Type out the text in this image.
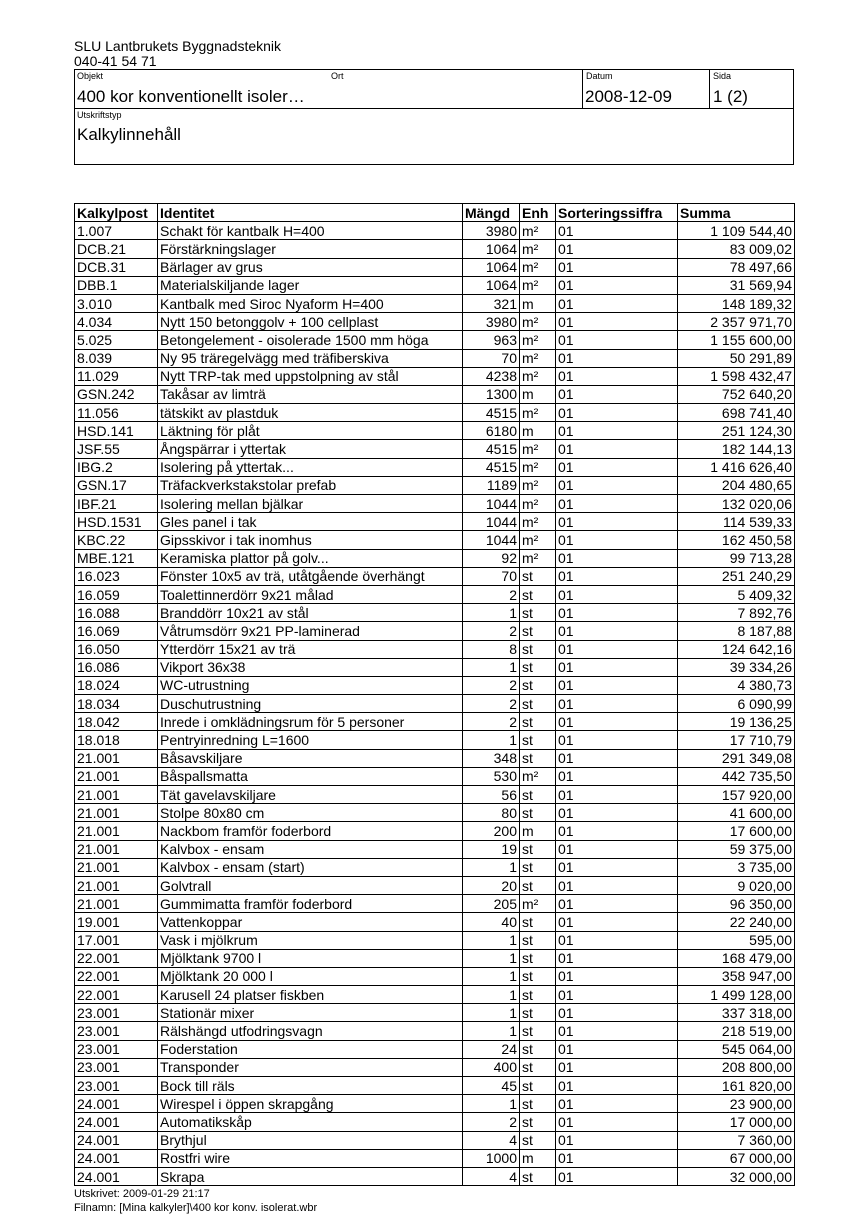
SLU Lantbrukets Byggnadsteknik
040-41 54 71
Objekt
400 kor konventionellt isoler…
Ort	Datum
2008-12-09
Sida
1 (2)
Utskriftstyp
Kalkylinnehåll
Kalkylpost	Identitet	Mängd	Enh	Sorteringssiffra	Summa
1.007	Schakt för kantbalk H=400	3980	m²	01	1 109 544,40
DCB.21	Förstärkningslager	1064	m²	01	83 009,02
DCB.31	Bärlager av grus	1064	m²	01	78 497,66
DBB.1	Materialskiljande lager	1064	m²	01	31 569,94
3.010	Kantbalk med Siroc Nyaform H=400	321	m	01	148 189,32
4.034	Nytt 150 betonggolv + 100 cellplast	3980	m²	01	2 357 971,70
5.025	Betongelement - oisolerade 1500 mm höga	963	m²	01	1 155 600,00
8.039	Ny 95 träregelvägg med träfiberskiva	70	m²	01	50 291,89
11.029	Nytt TRP-tak med uppstolpning av stål	4238	m²	01	1 598 432,47
GSN.242	Takåsar av limträ	1300	m	01	752 640,20
11.056	tätskikt av plastduk	4515	m²	01	698 741,40
HSD.141	Läktning för plåt	6180	m	01	251 124,30
JSF.55	Ångspärrar i yttertak	4515	m²	01	182 144,13
IBG.2	Isolering på yttertak...	4515	m²	01	1 416 626,40
GSN.17	Träfackverkstakstolar prefab	1189	m²	01	204 480,65
IBF.21	Isolering mellan bjälkar	1044	m²	01	132 020,06
HSD.1531	Gles panel i tak	1044	m²	01	114 539,33
KBC.22	Gipsskivor i tak inomhus	1044	m²	01	162 450,58
MBE.121	Keramiska plattor på golv...	92	m²	01	99 713,28
16.023	Fönster 10x5 av trä, utåtgående överhängt	70	st	01	251 240,29
16.059	Toalettinnerdörr 9x21 målad	2	st	01	5 409,32
16.088	Branddörr 10x21 av stål	1	st	01	7 892,76
16.069	Våtrumsdörr 9x21 PP-laminerad	2	st	01	8 187,88
16.050	Ytterdörr 15x21 av trä	8	st	01	124 642,16
16.086	Vikport 36x38	1	st	01	39 334,26
18.024	WC-utrustning	2	st	01	4 380,73
18.034	Duschutrustning	2	st	01	6 090,99
18.042	Inrede i omklädningsrum för 5 personer	2	st	01	19 136,25
18.018	Pentryinredning L=1600	1	st	01	17 710,79
21.001	Båsavskiljare	348	st	01	291 349,08
21.001	Båspallsmatta	530	m²	01	442 735,50
21.001	Tät gavelavskiljare	56	st	01	157 920,00
21.001	Stolpe 80x80 cm	80	st	01	41 600,00
21.001	Nackbom framför foderbord	200	m	01	17 600,00
21.001	Kalvbox - ensam	19	st	01	59 375,00
21.001	Kalvbox - ensam (start)	1	st	01	3 735,00
21.001	Golvtrall	20	st	01	9 020,00
21.001	Gummimatta framför foderbord	205	m²	01	96 350,00
19.001	Vattenkoppar	40	st	01	22 240,00
17.001	Vask i mjölkrum	1	st	01	595,00
22.001	Mjölktank 9700 l	1	st	01	168 479,00
22.001	Mjölktank 20 000 l	1	st	01	358 947,00
22.001	Karusell 24 platser fiskben	1	st	01	1 499 128,00
23.001	Stationär mixer	1	st	01	337 318,00
23.001	Rälshängd utfodringsvagn	1	st	01	218 519,00
23.001	Foderstation	24	st	01	545 064,00
23.001	Transponder	400	st	01	208 800,00
23.001	Bock till räls	45	st	01	161 820,00
24.001	Wirespel i öppen skrapgång	1	st	01	23 900,00
24.001	Automatikskåp	2	st	01	17 000,00
24.001	Brythjul	4	st	01	7 360,00
24.001	Rostfri wire	1000	m	01	67 000,00
24.001	Skrapa	4	st	01	32 000,00
Utskrivet: 2009-01-29 21:17
Filnamn: [Mina kalkyler]\400 kor konv. isolerat.wbr
